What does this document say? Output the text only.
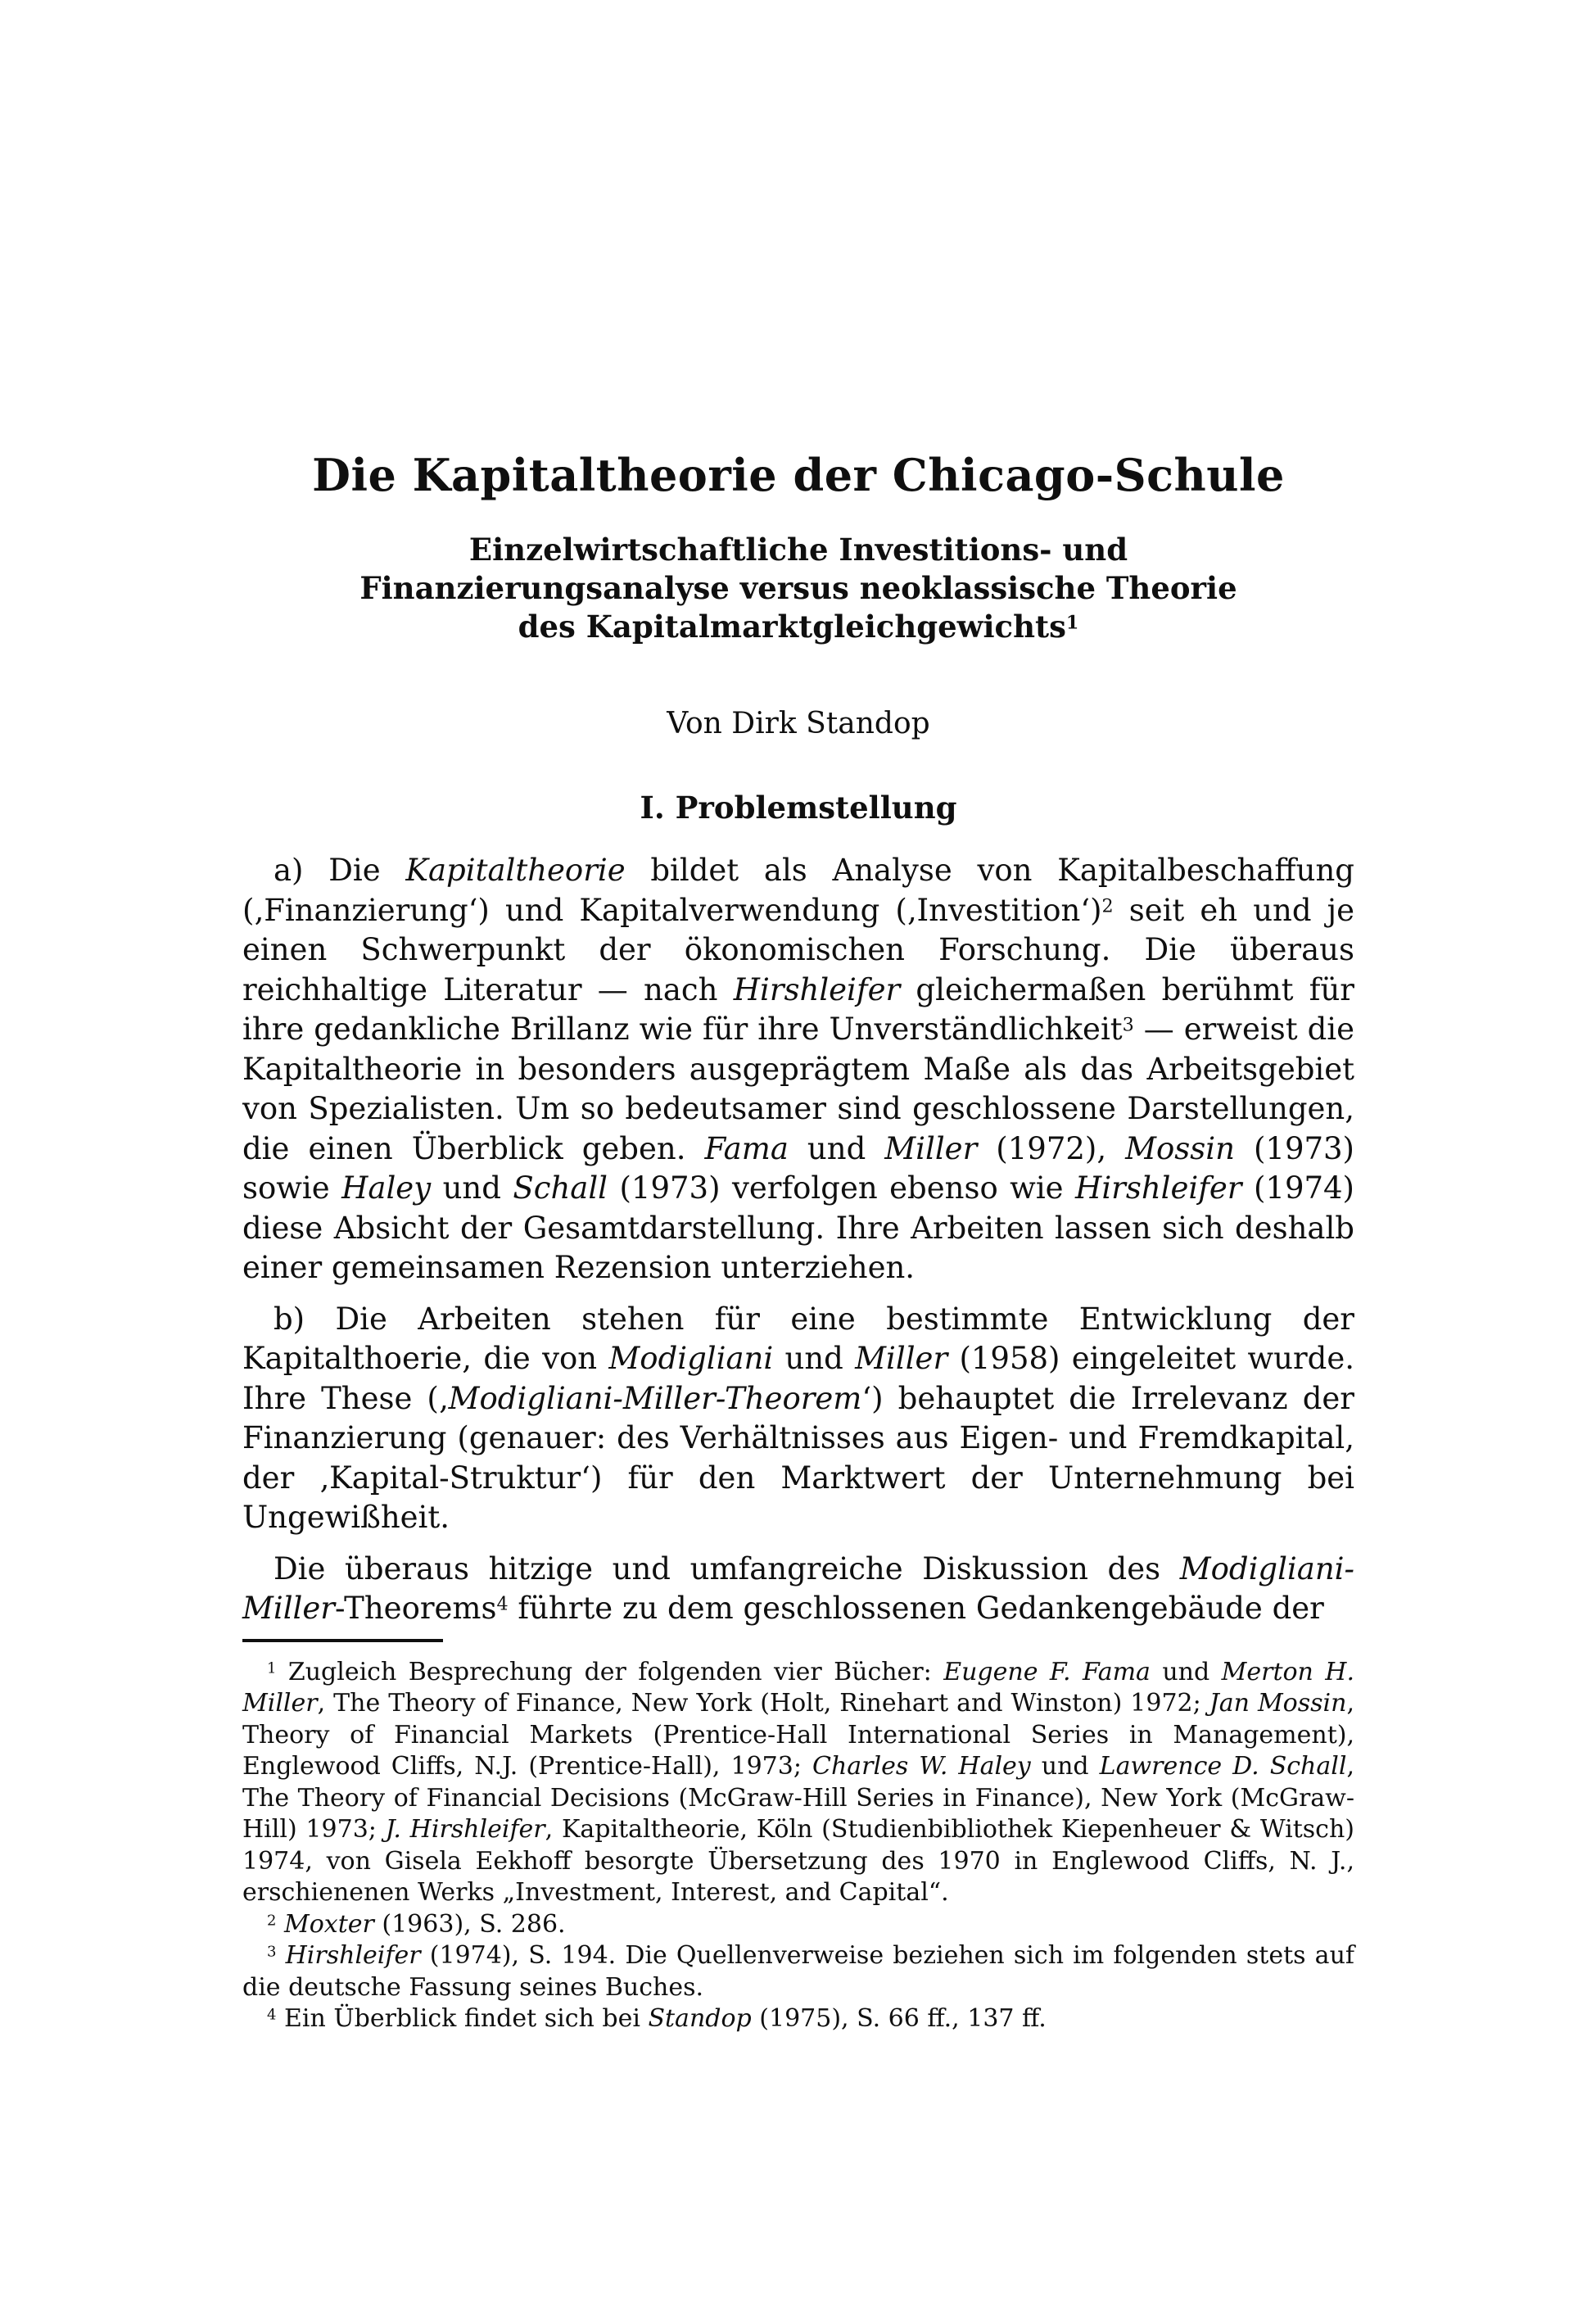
Die Kapitaltheorie der Chicago-Schule
Einzelwirtschaftliche Investitions- und
Finanzierungsanalyse versus neoklassische Theorie
des Kapitalmarktgleichgewichts$^1$
Von Dirk Standop
I. Problemstellung

a) Die Kapitaltheorie bildet als Analyse von Kapitalbeschaffung (‚Finanzierung‘) und Kapitalverwendung (‚Investition‘)$^2$ seit eh und je einen Schwerpunkt der ökonomischen Forschung. Die überaus reichhaltige Literatur — nach Hirshleifer gleichermaßen berühmt für ihre gedankliche Brillanz wie für ihre Unverständlichkeit$^3$ — erweist die Kapitaltheorie in besonders ausgeprägtem Maße als das Arbeitsgebiet von Spezialisten. Um so bedeutsamer sind geschlossene Darstellungen, die einen Überblick geben. Fama und Miller (1972), Mossin (1973) sowie Haley und Schall (1973) verfolgen ebenso wie Hirshleifer (1974) diese Absicht der Gesamtdarstellung. Ihre Arbeiten lassen sich deshalb einer gemeinsamen Rezension unterziehen.

b) Die Arbeiten stehen für eine bestimmte Entwicklung der Kapitalthoerie, die von Modigliani und Miller (1958) eingeleitet wurde. Ihre These (‚Modigliani-Miller-Theorem‘) behauptet die Irrelevanz der Finanzierung (genauer: des Verhältnisses aus Eigen- und Fremdkapital, der ‚Kapital-Struktur‘) für den Marktwert der Unternehmung bei Ungewißheit.

Die überaus hitzige und umfangreiche Diskussion des Modigliani-Miller-Theorems$^4$ führte zu dem geschlossenen Gedankengebäude der

$^1$ Zugleich Besprechung der folgenden vier Bücher: Eugene F. Fama und Merton H. Miller, The Theory of Finance, New York (Holt, Rinehart and Winston) 1972; Jan Mossin, Theory of Financial Markets (Prentice-Hall International Series in Management), Englewood Cliffs, N.J. (Prentice-Hall), 1973; Charles W. Haley und Lawrence D. Schall, The Theory of Financial Decisions (McGraw-Hill Series in Finance), New York (McGraw-Hill) 1973; J. Hirshleifer, Kapitaltheorie, Köln (Studienbibliothek Kiepenheuer & Witsch) 1974, von Gisela Eekhoff besorgte Übersetzung des 1970 in Englewood Cliffs, N. J., erschienenen Werks „Investment, Interest, and Capital“.

$^2$ Moxter (1963), S. 286.

$^3$ Hirshleifer (1974), S. 194. Die Quellenverweise beziehen sich im folgenden stets auf die deutsche Fassung seines Buches.

$^4$ Ein Überblick findet sich bei Standop (1975), S. 66 ff., 137 ff.
